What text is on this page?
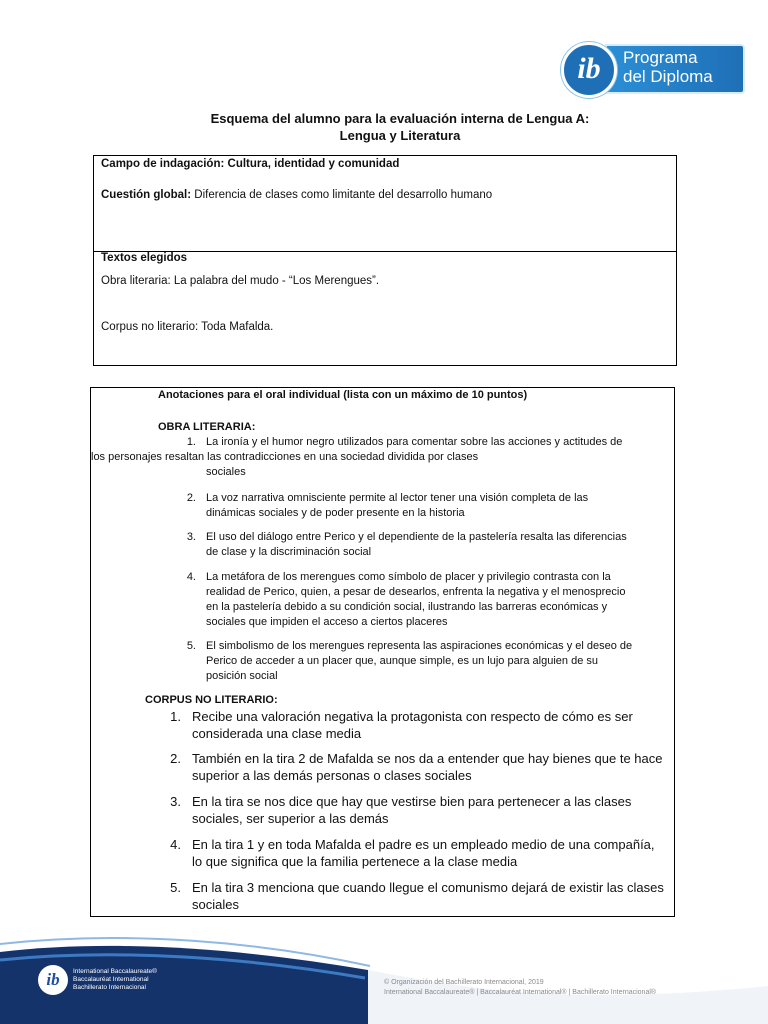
ib	Programa
del Diploma
Esquema del alumno para la evaluación interna de Lengua A:
Lengua y Literatura
Campo de indagación: Cultura, identidad y comunidad
Cuestión global: Diferencia de clases como limitante del desarrollo humano
Textos elegidos
Obra literaria: La palabra del mudo - “Los Merengues”.
Corpus no literario: Toda Mafalda.
Anotaciones para el oral individual (lista con un máximo de 10 puntos)
OBRA LITERARIA:
1. La ironía y el humor negro utilizados para comentar sobre las acciones y actitudes de
los personajes resaltan las contradicciones en una sociedad dividida por clases
sociales
2. La voz narrativa omnisciente permite al lector tener una visión completa de las
dinámicas sociales y de poder presente en la historia
3. El uso del diálogo entre Perico y el dependiente de la pastelería resalta las diferencias
de clase y la discriminación social
4. La metáfora de los merengues como símbolo de placer y privilegio contrasta con la
realidad de Perico, quien, a pesar de desearlos, enfrenta la negativa y el menosprecio
en la pastelería debido a su condición social, ilustrando las barreras económicas y
sociales que impiden el acceso a ciertos placeres
5. El simbolismo de los merengues representa las aspiraciones económicas y el deseo de
Perico de acceder a un placer que, aunque simple, es un lujo para alguien de su
posición social
CORPUS NO LITERARIO:
1. Recibe una valoración negativa la protagonista con respecto de cómo es ser
considerada una clase media
2. También en la tira 2 de Mafalda se nos da a entender que hay bienes que te hace
superior a las demás personas o clases sociales
3. En la tira se nos dice que hay que vestirse bien para pertenecer a las clases
sociales, ser superior a las demás
4. En la tira 1 y en toda Mafalda el padre es un empleado medio de una compañía,
lo que significa que la familia pertenece a la clase media
5. En la tira 3 menciona que cuando llegue el comunismo dejará de existir las clases
sociales
ib	International Baccalaureate®
Baccalauréat International
Bachillerato Internacional
© Organización del Bachillerato Internacional, 2019
International Baccalaureate® | Baccalauréat International® | Bachillerato Internacional®
